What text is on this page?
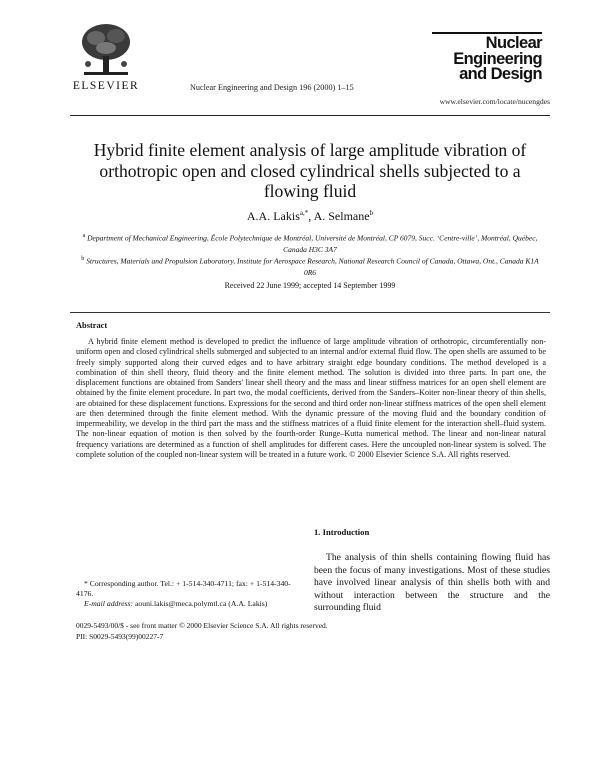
ELSEVIER	Nuclear Engineering and Design 196 (2000) 1–15
Nuclear
Engineering
and Design
www.elsevier.com/locate/nucengdes
Hybrid finite element analysis of large amplitude vibration of orthotropic open and closed cylindrical shells subjected to a flowing fluid
A.A. Lakis$^{a,*}$, A. Selmane$^b$
$^a$ Department of Mechanical Engineering, École Polytechnique de Montréal, Université de Montréal, CP 6079, Succ. ‘Centre-ville’, Montréal, Québec, Canada H3C 3A7
$^b$ Structures, Materials and Propulsion Laboratory, Institute for Aerospace Research, National Research Council of Canada, Ottawa, Ont., Canada K1A 0R6
Received 22 June 1999; accepted 14 September 1999
Abstract

A hybrid finite element method is developed to predict the influence of large amplitude vibration of orthotropic, circumferentially non-uniform open and closed cylindrical shells submerged and subjected to an internal and/or external fluid flow. The open shells are assumed to be freely simply supported along their curved edges and to have arbitrary straight edge boundary conditions. The method developed is a combination of thin shell theory, fluid theory and the finite element method. The solution is divided into three parts. In part one, the displacement functions are obtained from Sanders' linear shell theory and the mass and linear stiffness matrices for an open shell element are obtained by the finite element procedure. In part two, the modal coefficients, derived from the Sanders–Koiter non-linear theory of thin shells, are obtained for these displacement functions. Expressions for the second and third order non-linear stiffness matrices of the open shell element are then determined through the finite element method. With the dynamic pressure of the moving fluid and the boundary condition of impermeability, we develop in the third part the mass and the stiffness matrices of a fluid finite element for the interaction shell–fluid system. The non-linear equation of motion is then solved by the fourth-order Runge–Kutta numerical method. The linear and non-linear natural frequency variations are determined as a function of shell amplitudes for different cases. Here the uncoupled non-linear system is solved. The complete solution of the coupled non-linear system will be treated in a future work. © 2000 Elsevier Science S.A. All rights reserved.

1. Introduction

The analysis of thin shells containing flowing fluid has been the focus of many investigations. Most of these studies have involved linear analysis of thin shells both with and without interaction between the structure and the surrounding fluid

* Corresponding author. Tel.: + 1-514-340-4711; fax: + 1-514-340-4176.

E-mail address: aouni.lakis@meca.polymtl.ca (A.A. Lakis)

0029-5493/00/$ - see front matter © 2000 Elsevier Science S.A. All rights reserved.

PII: S0029-5493(99)00227-7
